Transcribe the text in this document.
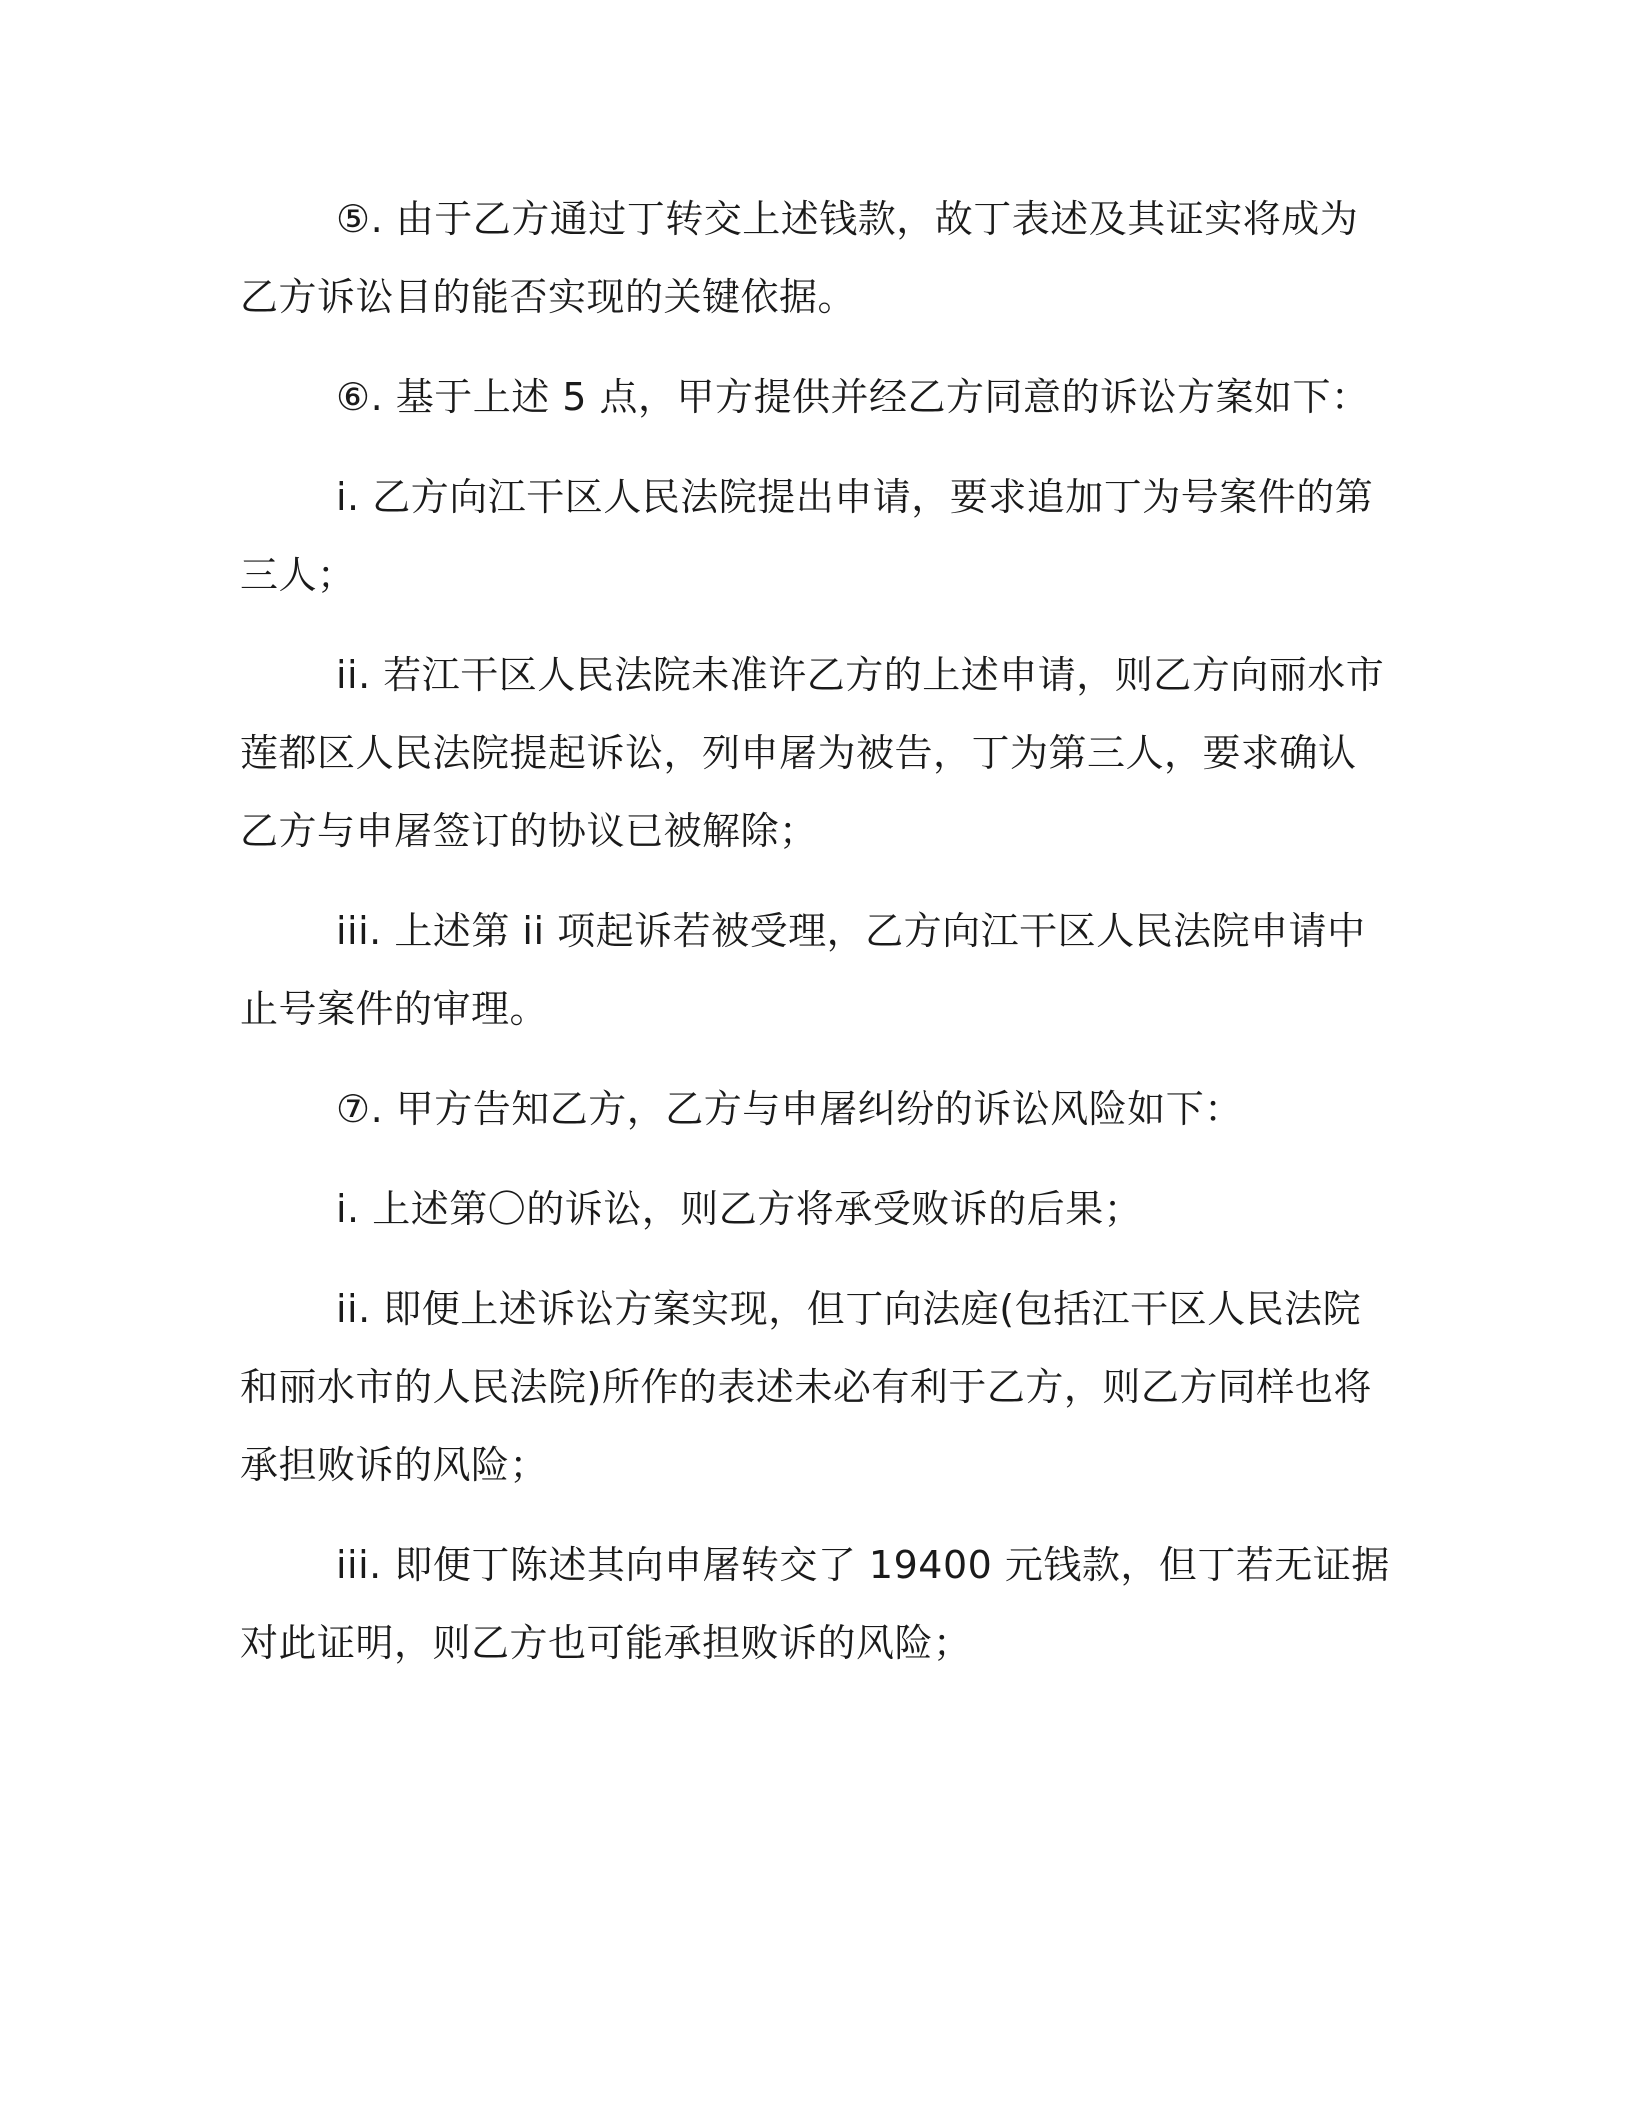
⑤. 由于乙方通过丁转交上述钱款，故丁表述及其证实将成为乙方诉讼目的能否实现的关键依据。

⑥. 基于上述 5 点，甲方提供并经乙方同意的诉讼方案如下：

i. 乙方向江干区人民法院提出申请，要求追加丁为号案件的第三人；

ii. 若江干区人民法院未准许乙方的上述申请，则乙方向丽水市莲都区人民法院提起诉讼，列申屠为被告，丁为第三人，要求确认乙方与申屠签订的协议已被解除；

iii. 上述第 ii 项起诉若被受理，乙方向江干区人民法院申请中止号案件的审理。

⑦. 甲方告知乙方，乙方与申屠纠纷的诉讼风险如下：

i. 上述第〇的诉讼，则乙方将承受败诉的后果；

ii. 即便上述诉讼方案实现，但丁向法庭(包括江干区人民法院和丽水市的人民法院)所作的表述未必有利于乙方，则乙方同样也将承担败诉的风险；

iii. 即便丁陈述其向申屠转交了 19400 元钱款，但丁若无证据对此证明，则乙方也可能承担败诉的风险；
